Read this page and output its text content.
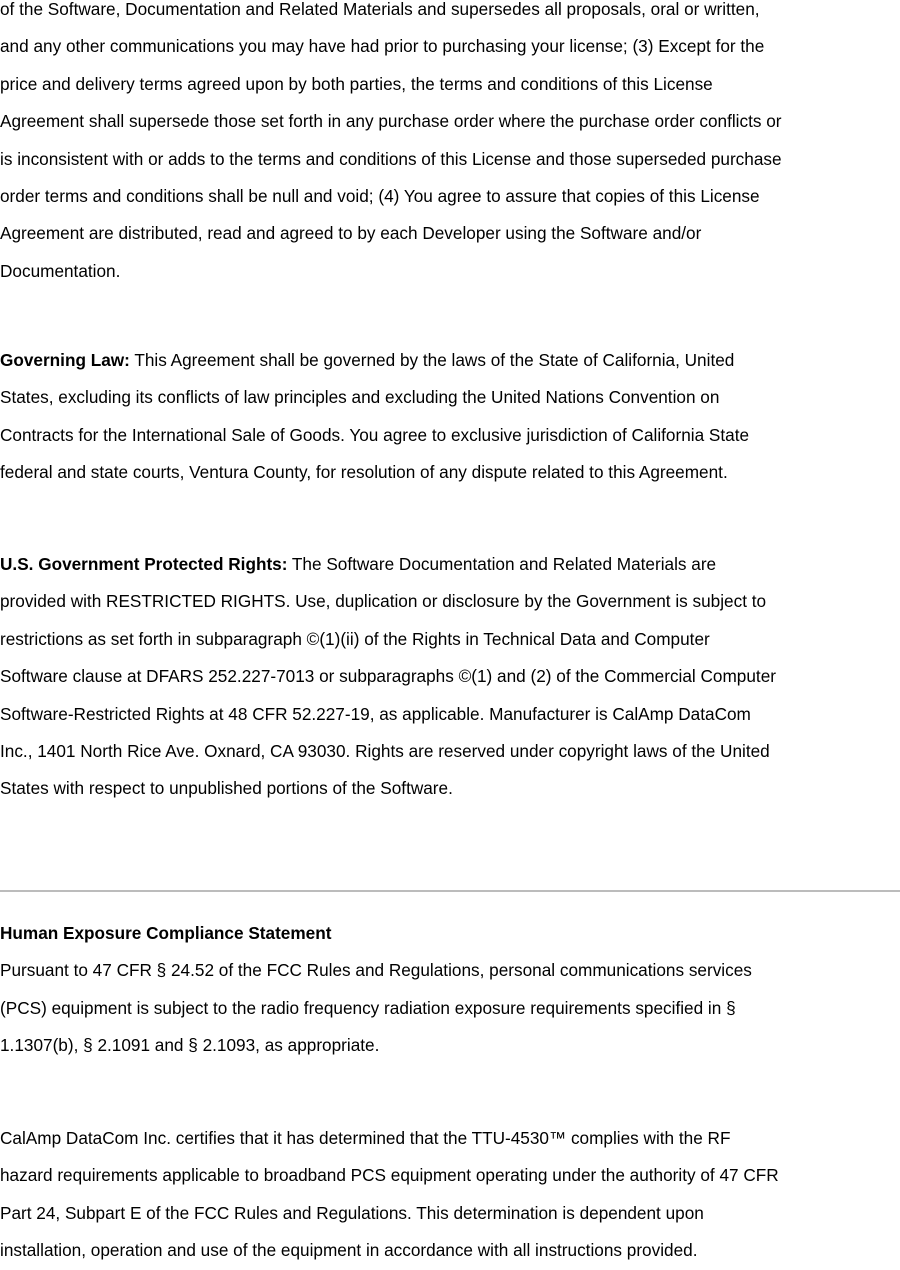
of the Software, Documentation and Related Materials and supersedes all proposals, oral or written,
and any other communications you may have had prior to purchasing your license; (3) Except for the
price and delivery terms agreed upon by both parties, the terms and conditions of this License
Agreement shall supersede those set forth in any purchase order where the purchase order conflicts or
is inconsistent with or adds to the terms and conditions of this License and those superseded purchase
order terms and conditions shall be null and void; (4) You agree to assure that copies of this License
Agreement are distributed, read and agreed to by each Developer using the Software and/or
Documentation.
Governing Law: This Agreement shall be governed by the laws of the State of California, United
States, excluding its conflicts of law principles and excluding the United Nations Convention on
Contracts for the International Sale of Goods. You agree to exclusive jurisdiction of California State
federal and state courts, Ventura County, for resolution of any dispute related to this Agreement.
U.S. Government Protected Rights: The Software Documentation and Related Materials are
provided with RESTRICTED RIGHTS. Use, duplication or disclosure by the Government is subject to
restrictions as set forth in subparagraph ©(1)(ii) of the Rights in Technical Data and Computer
Software clause at DFARS 252.227-7013 or subparagraphs ©(1) and (2) of the Commercial Computer
Software-Restricted Rights at 48 CFR 52.227-19, as applicable. Manufacturer is CalAmp DataCom
Inc., 1401 North Rice Ave. Oxnard, CA 93030. Rights are reserved under copyright laws of the United
States with respect to unpublished portions of the Software.
Human Exposure Compliance Statement
Pursuant to 47 CFR § 24.52 of the FCC Rules and Regulations, personal communications services
(PCS) equipment is subject to the radio frequency radiation exposure requirements specified in §
1.1307(b), § 2.1091 and § 2.1093, as appropriate.
CalAmp DataCom Inc. certifies that it has determined that the TTU-4530™ complies with the RF
hazard requirements applicable to broadband PCS equipment operating under the authority of 47 CFR
Part 24, Subpart E of the FCC Rules and Regulations. This determination is dependent upon
installation, operation and use of the equipment in accordance with all instructions provided.
